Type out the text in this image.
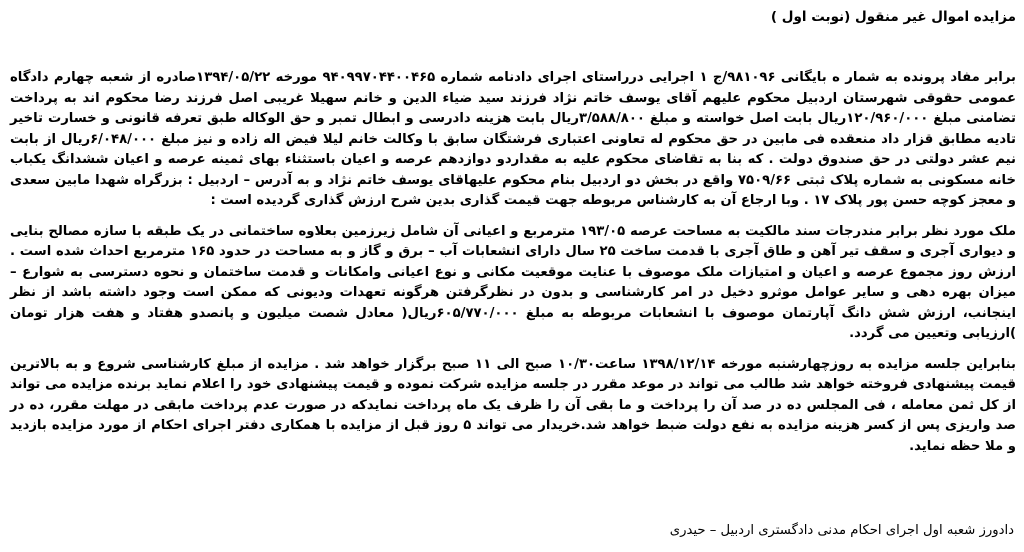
مزایده اموال غیر منقول (نوبت اول )
برابر مفاد پرونده به شمار ه بایگانی ۹۸۱۰۹۶/ج ۱ اجرایی درراستای اجرای دادنامه شماره ۹۴۰۹۹۷۰۴۴۰۰۴۶۵ مورخه ۱۳۹۴/۰۵/۲۲صادره از شعبه چهارم دادگاه عمومی حقوقی شهرستان اردبیل محکوم علیهم آقای یوسف خاتم نژاد فرزند سید ضیاء الدین و خانم سهیلا غریبی اصل فرزند رضا محکوم اند به پرداخت تضامنی مبلغ ۱۲۰/۹۶۰/۰۰۰ریال بابت اصل خواسته و مبلغ ۳/۵۸۸/۸۰۰ریال بابت هزینه دادرسی و ابطال تمبر و حق الوکاله طبق تعرفه قانونی و خسارت تاخیر تادیه مطابق قزار داد منعقده فی مابین در حق محکوم له تعاونی اعتباری فرشتگان سابق با وکالت خانم لیلا فیض اله زاده و نیز مبلغ ۶/۰۴۸/۰۰۰ریال از بابت نیم عشر دولتی در حق صندوق دولت . که بنا به تقاضای محکوم علیه به مقداردو دوازدهم عرصه و اعیان باستثناء بهای ثمینه عرصه و اعیان ششدانگ یکباب خانه مسکونی به شماره پلاک ثبتی ۷۵۰۹/۶۶ واقع در بخش دو اردبیل بنام محکوم علیهاقای یوسف خاتم نژاد و به آدرس – اردبیل : بزرگراه شهدا مابین سعدی و معجز کوچه حسن پور پلاک ۱۷ . وبا ارجاع آن به کارشناس مربوطه جهت قیمت گذاری بدین شرح ارزش گذاری گردیده است :
ملک مورد نظر برابر مندرجات سند مالکیت به مساحت عرصه ۱۹۳/۰۵ مترمربع و اعیانی آن شامل زیرزمین بعلاوه ساختمانی در یک طبقه با سازه مصالح بنایی و دیواری آجری و سقف تیر آهن و طاق آجری با قدمت ساخت ۲۵ سال دارای انشعابات آب – برق و گاز و به مساحت در حدود ۱۶۵ مترمربع احداث شده است . ارزش روز مجموع عرصه و اعیان و امتیازات ملک موصوف با عنایت موقعیت مکانی و نوع اعیانی وامکانات و قدمت ساختمان و نحوه دسترسی به شوارع – میزان بهره دهی و سایر عوامل موثرو دخیل در امر کارشناسی و بدون در نظرگرفتن هرگونه تعهدات ودیونی که ممکن است وجود داشته باشد از نظر اینجانب، ارزش شش دانگ آپارتمان موصوف با انشعابات مربوطه به مبلغ ۶۰۵/۷۷۰/۰۰۰ریال( معادل شصت میلیون و پانصدو هفتاد و هفت هزار تومان )ارزیابی وتعیین می گردد.
بنابراین جلسه مزایده به روزچهارشنبه مورخه ۱۳۹۸/۱۲/۱۴ ساعت۱۰/۳۰ صبح الی ۱۱ صبح برگزار خواهد شد . مزایده از مبلغ کارشناسی شروع و به بالاترین قیمت پیشنهادی فروخته خواهد شد طالب می تواند در موعد مقرر در جلسه مزایده شرکت نموده و قیمت پیشنهادی خود را اعلام نماید برنده مزایده می تواند از کل ثمن معامله ، فی المجلس ده در صد آن را پرداخت و ما بقی آن را ظرف یک ماه پرداخت نمایدکه در صورت عدم پرداخت مابقی در مهلت مقرر، ده در صد واریزی پس از کسر هزینه مزایده به نفع دولت ضبط خواهد شد.خریدار می تواند ۵ روز قبل از مزایده با همکاری دفتر اجرای احکام از مورد مزایده بازدید و ملا حظه نماید.
دادورز شعبه اول اجرای احکام مدنی دادگستری اردبیل – حیدری
